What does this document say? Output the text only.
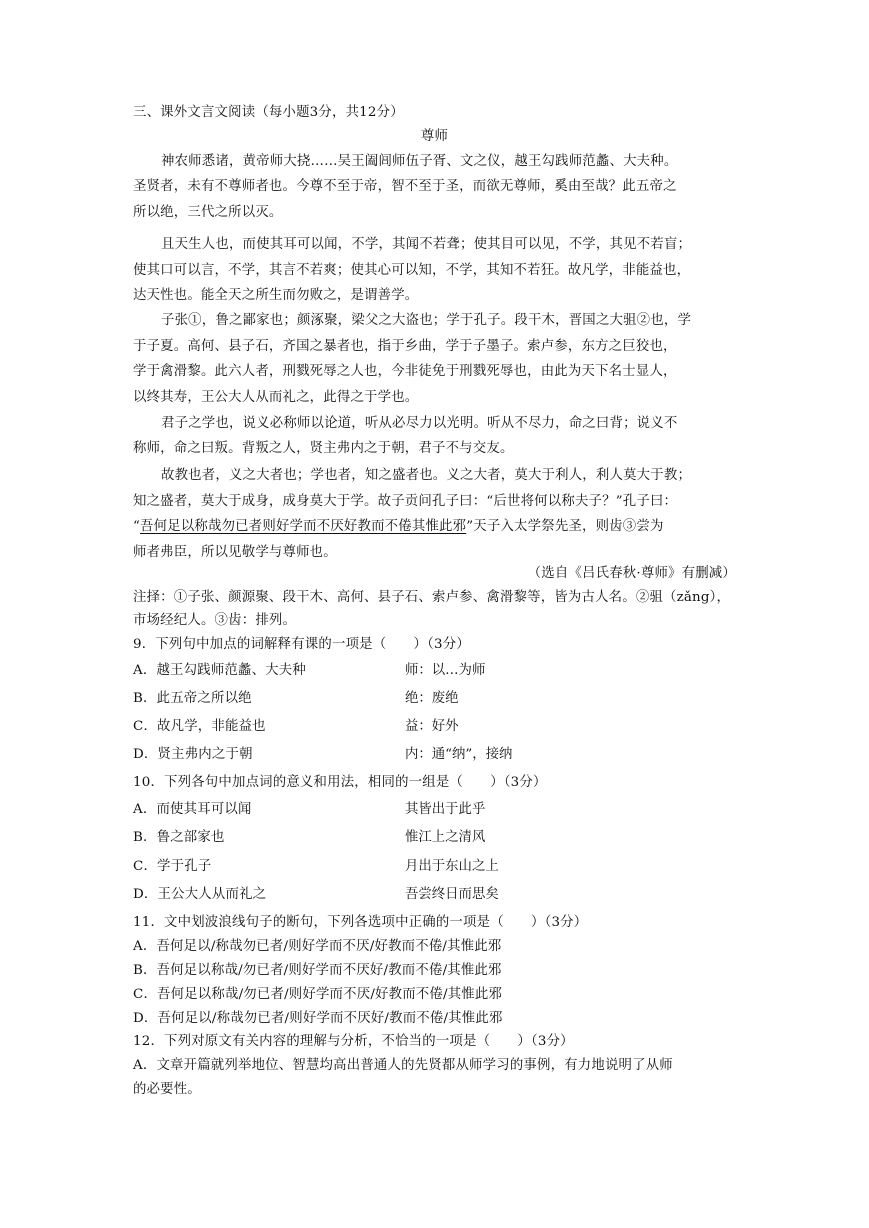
三、课外文言文阅读（每小题3分，共12分）
尊师
神农师悉诸，黄帝师大挠……吴王阖闾师伍子胥、文之仪，越王勾践师范蠡、大夫种。
圣贤者，未有不尊师者也。今尊不至于帝，智不至于圣，而欲无尊师，奚由至哉？此五帝之
所以绝，三代之所以灭。
且天生人也，而使其耳可以闻，不学，其闻不若聋；使其目可以见，不学，其见不若盲；
使其口可以言，不学，其言不若爽；使其心可以知，不学，其知不若狂。故凡学，非能益也，
达天性也。能全天之所生而勿败之，是谓善学。
子张①，鲁之鄙家也；颜涿聚，梁父之大盗也；学于孔子。段干木，晋国之大驵②也，学
于子夏。高何、县子石，齐国之暴者也，指于乡曲，学于子墨子。索卢参，东方之巨狡也，
学于禽滑黎。此六人者，刑戮死辱之人也，今非徒免于刑戮死辱也，由此为天下名士显人，
以终其寿，王公大人从而礼之，此得之于学也。
君子之学也，说义必称师以论道，听从必尽力以光明。听从不尽力，命之曰背；说义不
称师，命之曰叛。背叛之人，贤主弗内之于朝，君子不与交友。
故教也者，义之大者也；学也者，知之盛者也。义之大者，莫大于利人，利人莫大于教；
知之盛者，莫大于成身，成身莫大于学。故子贡问孔子曰：“后世将何以称夫子？”孔子曰：
“吾何足以称哉勿已者则好学而不厌好教而不倦其惟此邪”天子入太学祭先圣，则齿③尝为
师者弗臣，所以见敬学与尊师也。
（选自《吕氏春秋·尊师》有删减）
注择：①子张、颜源聚、段干木、高何、县子石、索卢参、禽滑黎等，皆为古人名。②驵（zǎng），
市场经纪人。③齿：排列。
9．下列句中加点的词解释有课的一项是（　　）（3分）
A．越王勾践师范蠡、大夫种	师：以…为师
B．此五帝之所以绝	绝：废绝
C．故凡学，非能益也	益：好外
D．贤主弗内之于朝	内：通“纳”，接纳
10．下列各句中加点词的意义和用法，相同的一组是（　　）（3分）
A．而使其耳可以闻	其皆出于此乎
B．鲁之部家也	惟江上之清风
C．学于孔子	月出于东山之上
D．王公大人从而礼之	吾尝终日而思矣
11．文中划波浪线句子的断句，下列各选项中正确的一项是（　　）（3分）
A．吾何足以/称哉勿已者/则好学而不厌/好教而不倦/其惟此邪
B．吾何足以称哉/勿已者/则好学而不厌好/教而不倦/其惟此邪
C．吾何足以称哉/勿已者/则好学而不厌/好教而不倦/其惟此邪
D．吾何足以/称哉勿已者/则好学而不厌好/教而不倦/其惟此邪
12．下列对原文有关内容的理解与分析，不恰当的一项是（　　）（3分）
A．文章开篇就列举地位、智慧均高出普通人的先贤都从师学习的事例，有力地说明了从师
的必要性。
